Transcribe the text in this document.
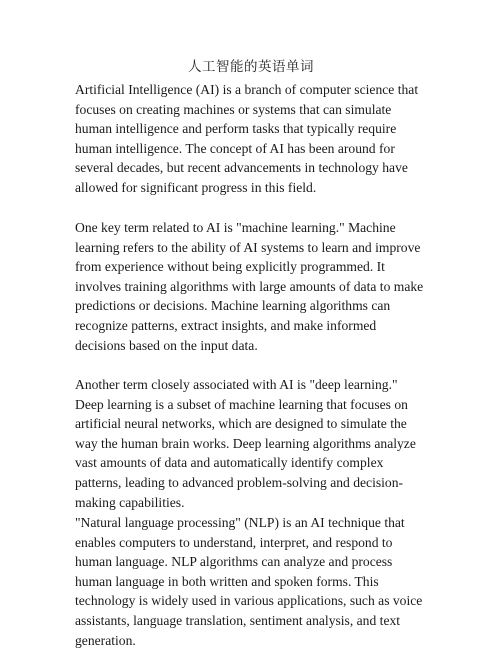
人工智能的英语单词

Artificial Intelligence (AI) is a branch of computer science that focuses on creating machines or systems that can simulate human intelligence and perform tasks that typically require human intelligence. The concept of AI has been around for several decades, but recent advancements in technology have allowed for significant progress in this field.

One key term related to AI is "machine learning." Machine learning refers to the ability of AI systems to learn and improve from experience without being explicitly programmed. It involves training algorithms with large amounts of data to make predictions or decisions. Machine learning algorithms can recognize patterns, extract insights, and make informed decisions based on the input data.

Another term closely associated with AI is "deep learning." Deep learning is a subset of machine learning that focuses on artificial neural networks, which are designed to simulate the way the human brain works. Deep learning algorithms analyze vast amounts of data and automatically identify complex patterns, leading to advanced problem-solving and decision-making capabilities.

"Natural language processing" (NLP) is an AI technique that enables computers to understand, interpret, and respond to human language. NLP algorithms can analyze and process human language in both written and spoken forms. This technology is widely used in various applications, such as voice assistants, language translation, sentiment analysis, and text generation.
